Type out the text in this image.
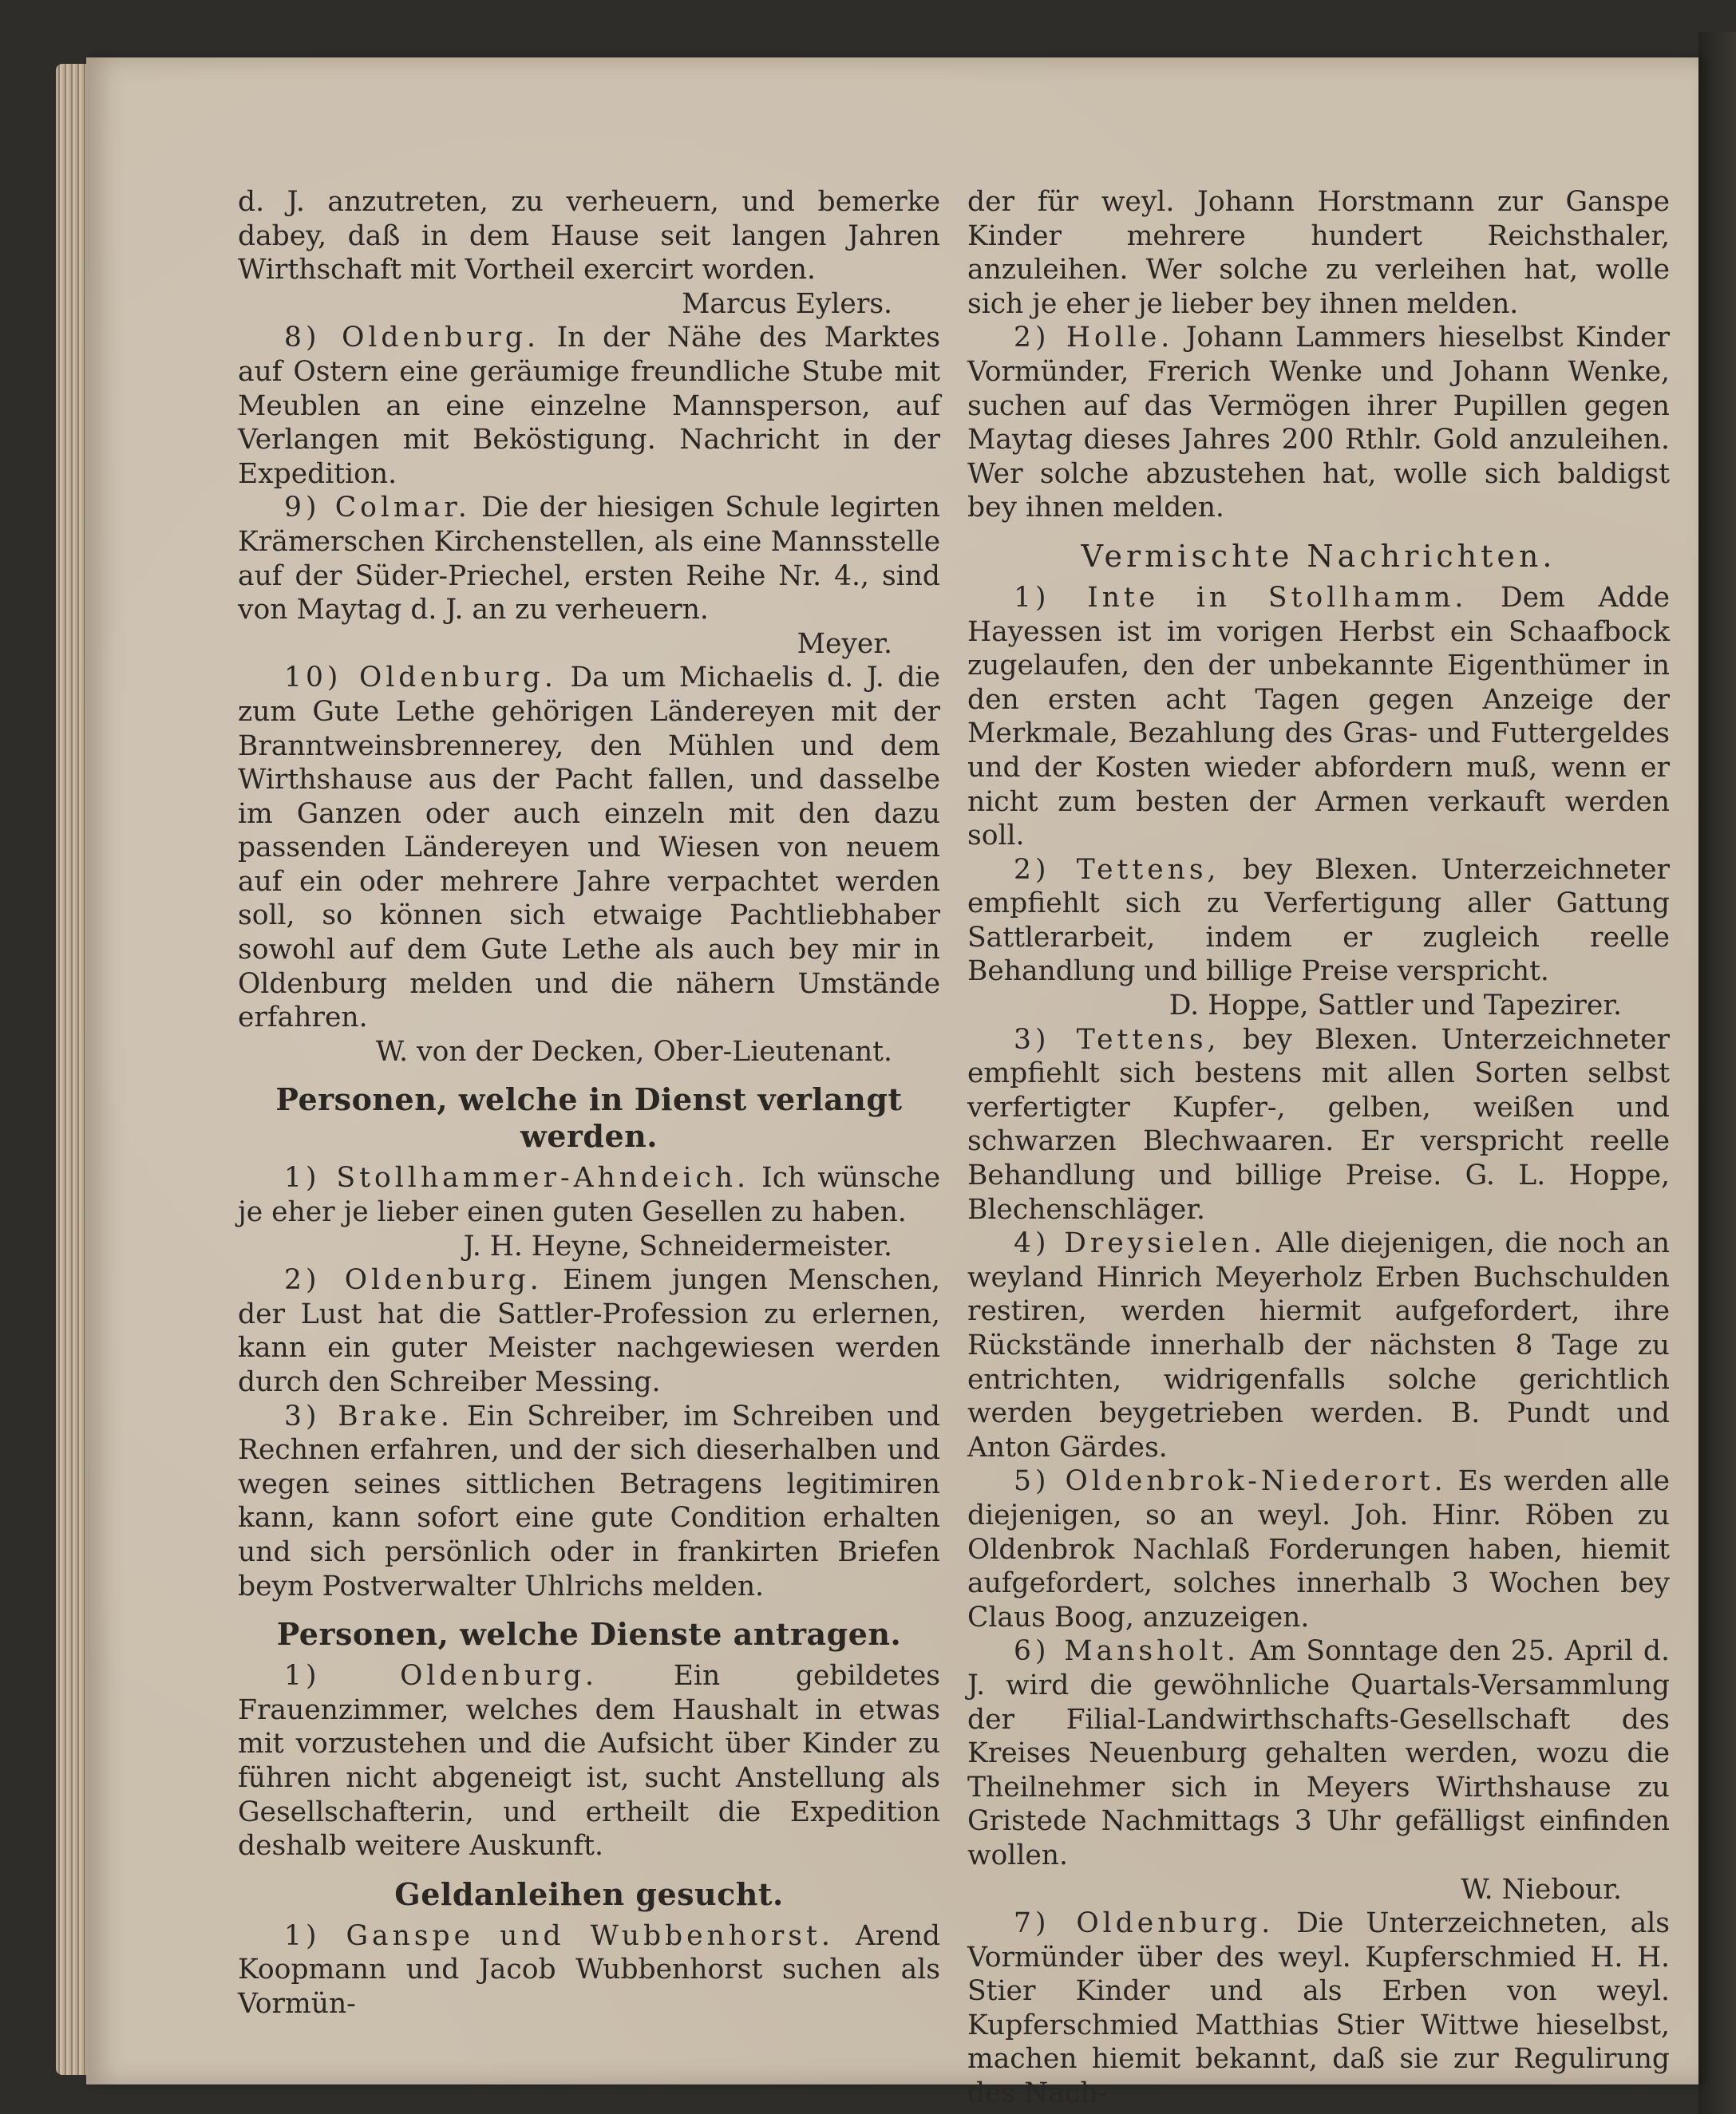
d. J. anzutreten, zu verheuern, und bemerke dabey, daß in dem Hause seit langen Jahren Wirthschaft mit Vortheil exercirt worden.

Marcus Eylers.

8) Oldenburg. In der Nähe des Marktes auf Ostern eine geräumige freundliche Stube mit Meublen an eine einzelne Mannsperson, auf Verlangen mit Beköstigung. Nachricht in der Expedition.

9) Colmar. Die der hiesigen Schule legirten Krämerschen Kirchenstellen, als eine Mannsstelle auf der Süder-Priechel, ersten Reihe Nr. 4., sind von Maytag d. J. an zu verheuern.

Meyer.

10) Oldenburg. Da um Michaelis d. J. die zum Gute Lethe gehörigen Ländereyen mit der Branntweinsbrennerey, den Mühlen und dem Wirthshause aus der Pacht fallen, und dasselbe im Ganzen oder auch einzeln mit den dazu passenden Ländereyen und Wiesen von neuem auf ein oder mehrere Jahre verpachtet werden soll, so können sich etwaige Pachtliebhaber sowohl auf dem Gute Lethe als auch bey mir in Oldenburg melden und die nähern Umstände erfahren.

W. von der Decken, Ober-Lieutenant.

Personen, welche in Dienst verlangt werden.

1) Stollhammer-Ahndeich. Ich wünsche je eher je lieber einen guten Gesellen zu haben.

J. H. Heyne, Schneidermeister.

2) Oldenburg. Einem jungen Menschen, der Lust hat die Sattler-Profession zu erlernen, kann ein guter Meister nachgewiesen werden durch den Schreiber Messing.

3) Brake. Ein Schreiber, im Schreiben und Rechnen erfahren, und der sich dieserhalben und wegen seines sittlichen Betragens legitimiren kann, kann sofort eine gute Condition erhalten und sich persönlich oder in frankirten Briefen beym Postverwalter Uhlrichs melden.

Personen, welche Dienste antragen.

1) Oldenburg. Ein gebildetes Frauenzimmer, welches dem Haushalt in etwas mit vorzustehen und die Aufsicht über Kinder zu führen nicht abgeneigt ist, sucht Anstellung als Gesellschafterin, und ertheilt die Expedition deshalb weitere Auskunft.

Geldanleihen gesucht.

1) Ganspe und Wubbenhorst. Arend Koopmann und Jacob Wubbenhorst suchen als Vormün-

der für weyl. Johann Horstmann zur Ganspe Kinder mehrere hundert Reichsthaler, anzuleihen. Wer solche zu verleihen hat, wolle sich je eher je lieber bey ihnen melden.

2) Holle. Johann Lammers hieselbst Kinder Vormünder, Frerich Wenke und Johann Wenke, suchen auf das Vermögen ihrer Pupillen gegen Maytag dieses Jahres 200 Rthlr. Gold anzuleihen. Wer solche abzustehen hat, wolle sich baldigst bey ihnen melden.

Vermischte Nachrichten.

1) Inte in Stollhamm. Dem Adde Hayessen ist im vorigen Herbst ein Schaafbock zugelaufen, den der unbekannte Eigenthümer in den ersten acht Tagen gegen Anzeige der Merkmale, Bezahlung des Gras- und Futtergeldes und der Kosten wieder abfordern muß, wenn er nicht zum besten der Armen verkauft werden soll.

2) Tettens, bey Blexen. Unterzeichneter empfiehlt sich zu Verfertigung aller Gattung Sattlerarbeit, indem er zugleich reelle Behandlung und billige Preise verspricht.

D. Hoppe, Sattler und Tapezirer.

3) Tettens, bey Blexen. Unterzeichneter empfiehlt sich bestens mit allen Sorten selbst verfertigter Kupfer-, gelben, weißen und schwarzen Blechwaaren. Er verspricht reelle Behandlung und billige Preise. G. L. Hoppe, Blechenschläger.

4) Dreysielen. Alle diejenigen, die noch an weyland Hinrich Meyerholz Erben Buchschulden restiren, werden hiermit aufgefordert, ihre Rückstände innerhalb der nächsten 8 Tage zu entrichten, widrigenfalls solche gerichtlich werden beygetrieben werden. B. Pundt und Anton Gärdes.

5) Oldenbrok-Niederort. Es werden alle diejenigen, so an weyl. Joh. Hinr. Röben zu Oldenbrok Nachlaß Forderungen haben, hiemit aufgefordert, solches innerhalb 3 Wochen bey Claus Boog, anzuzeigen.

6) Mansholt. Am Sonntage den 25. April d. J. wird die gewöhnliche Quartals-Versammlung der Filial-Landwirthschafts-Gesellschaft des Kreises Neuenburg gehalten werden, wozu die Theilnehmer sich in Meyers Wirthshause zu Gristede Nachmittags 3 Uhr gefälligst einfinden wollen.

W. Niebour.

7) Oldenburg. Die Unterzeichneten, als Vormünder über des weyl. Kupferschmied H. H. Stier Kinder und als Erben von weyl. Kupferschmied Matthias Stier Wittwe hieselbst, machen hiemit bekannt, daß sie zur Regulirung des Nach-
